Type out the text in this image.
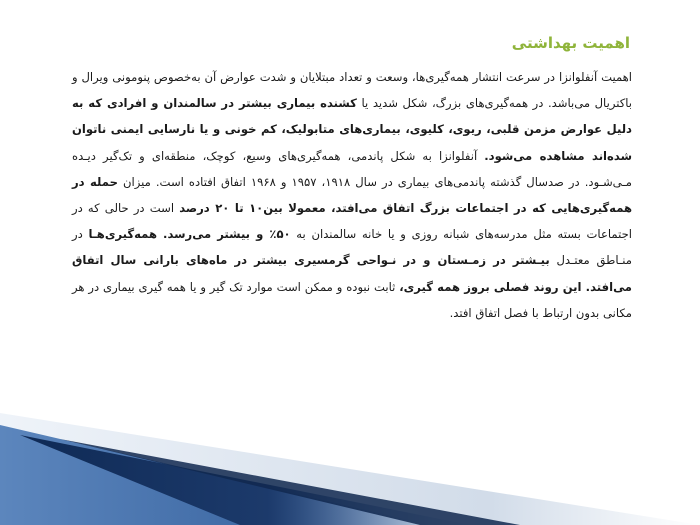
اهمیت بهداشتی
اهمیت آنفلوانزا در سرعت انتشار همه‌گیری‌ها، وسعت و تعداد مبتلایان و شدت عوارض آن به‌خصوص پنومونی ویرال و باکتریال می‌باشد. در همه‌گیری‌های بزرگ، شکل شدید یا کشنده بیماری بیشتر در سالمندان و افرادی که به دلیل عوارض مزمن قلبی، ریوی، کلیوی، بیماری‌های متابولیک، کم خونی و یا نارسایی ایمنی ناتوان شده‌اند مشاهده می‌شود. آنفلوانزا به شکل پاندمی، همه‌گیری‌های وسیع، کوچک، منطقه‌ای و تک‌گیر دیـده مـی‌شـود. در صدسال گذشته پاندمی‌های بیماری در سال ۱۹۱۸، ۱۹۵۷ و ۱۹۶۸ اتفاق افتاده است. میزان حمله در همه‌گیری‌هایی که در اجتماعات بزرگ اتفاق می‌افتد، معمولا بین۱۰ تا ۲۰ درصد است در حالی که در اجتماعات بسته مثل مدرسه‌های شبانه روزی و یا خانه سالمندان به ۵۰٪ و بیشتر می‌رسد. همه‌گیری‌هـا در منـاطق معتـدل بیـشتر در زمـستان و در نـواحی گرمسیری بیشتر در ماه‌های بارانی سال اتفاق می‌افتد. این روند فصلی بروز همه گیری، ثابت نبوده و ممکن است موارد تک گیر و یا همه گیری بیماری در هر مکانی بدون ارتباط با فصل اتفاق افتد.
